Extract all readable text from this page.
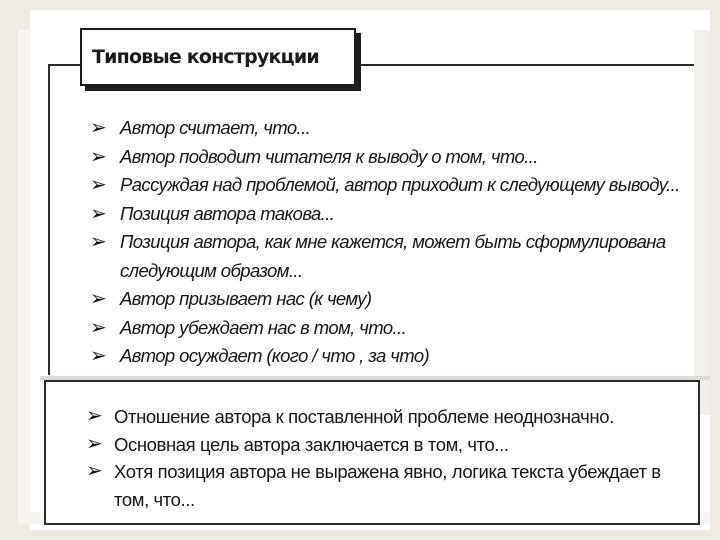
Типовые конструкции
➢ Автор считает, что...
➢ Автор подводит читателя к выводу о том, что...
➢ Рассуждая над проблемой, автор приходит к следующему выводу...
➢ Позиция автора такова...
➢ Позиция автора, как мне кажется, может быть сформулирована следующим образом...
➢ Автор призывает нас (к чему)
➢ Автор убеждает нас в том, что...
➢ Автор осуждает (кого / что , за что)
➢ Отношение автора к поставленной проблеме неоднозначно.
➢ Основная цель автора заключается в том, что...
➢ Хотя позиция автора не выражена явно, логика текста убеждает в том, что...
